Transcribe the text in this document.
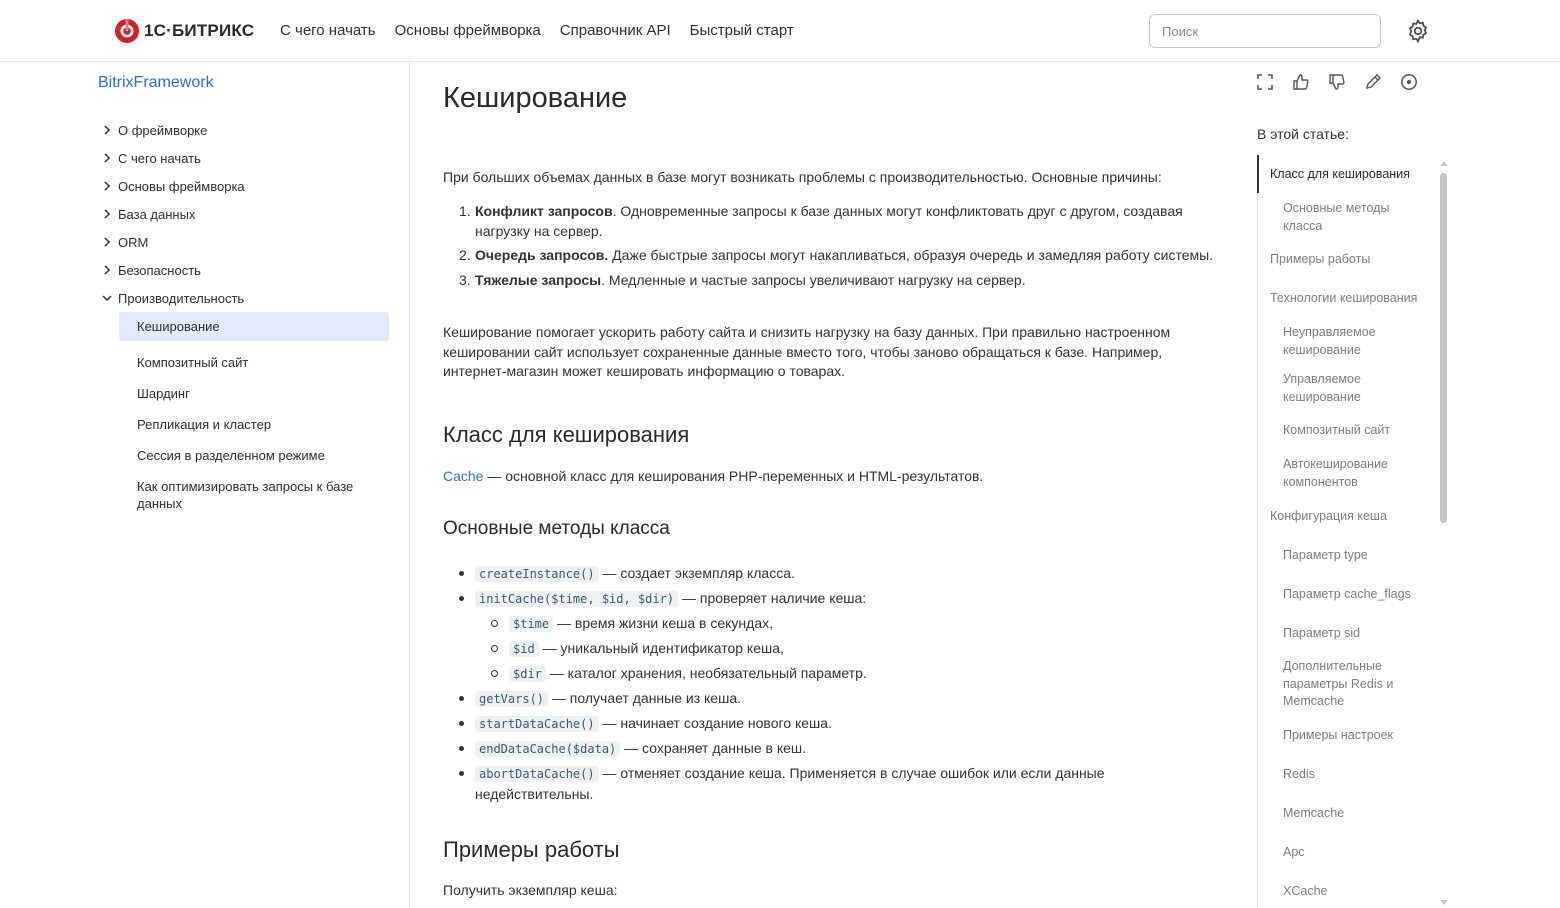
1С·БИТРИКС С чего начать Основы фреймворка Справочник API Быстрый старт
Поиск
BitrixFramework
О фреймворке
С чего начать
Основы фреймворка
База данных
ORM
Безопасность
Производительность
Кеширование
Композитный сайт
Шардинг
Репликация и кластер
Сессия в разделенном режиме
Как оптимизировать запросы к базе данных
Кеширование

При больших объемах данных в базе могут возникать проблемы с производительностью. Основные причины:

1. Конфликт запросов. Одновременные запросы к базе данных могут конфликтовать друг с другом, создавая нагрузку на сервер.
2. Очередь запросов. Даже быстрые запросы могут накапливаться, образуя очередь и замедляя работу системы.
3. Тяжелые запросы. Медленные и частые запросы увеличивают нагрузку на сервер.

Кеширование помогает ускорить работу сайта и снизить нагрузку на базу данных. При правильно настроенном кешировании сайт использует сохраненные данные вместо того, чтобы заново обращаться к базе. Например, интернет-магазин может кешировать информацию о товарах.

Класс для кеширования

Cache — основной класс для кеширования PHP-переменных и HTML-результатов.

Основные методы класса
createInstance() — создает экземпляр класса.
initCache($time, $id, $dir) — проверяет наличие кеша:
$time — время жизни кеша в секундах,
$id — уникальный идентификатор кеша,
$dir — каталог хранения, необязательный параметр.
getVars() — получает данные из кеша.
startDataCache() — начинает создание нового кеша.
endDataCache($data) — сохраняет данные в кеш.
abortDataCache() — отменяет создание кеша. Применяется в случае ошибок или если данные недействительны.
Примеры работы

Получить экземпляр кеша:

В этой статье:
Класс для кеширования
Основные методы класса
Примеры работы
Технологии кеширования
Неуправляемое кеширование
Управляемое кеширование
Композитный сайт
Автокеширование компонентов
Конфигурация кеша
Параметр type
Параметр cache_flags
Параметр sid
Дополнительные параметры Redis и Memcache
Примеры настроек
Redis
Memcache
Apc
XCache
